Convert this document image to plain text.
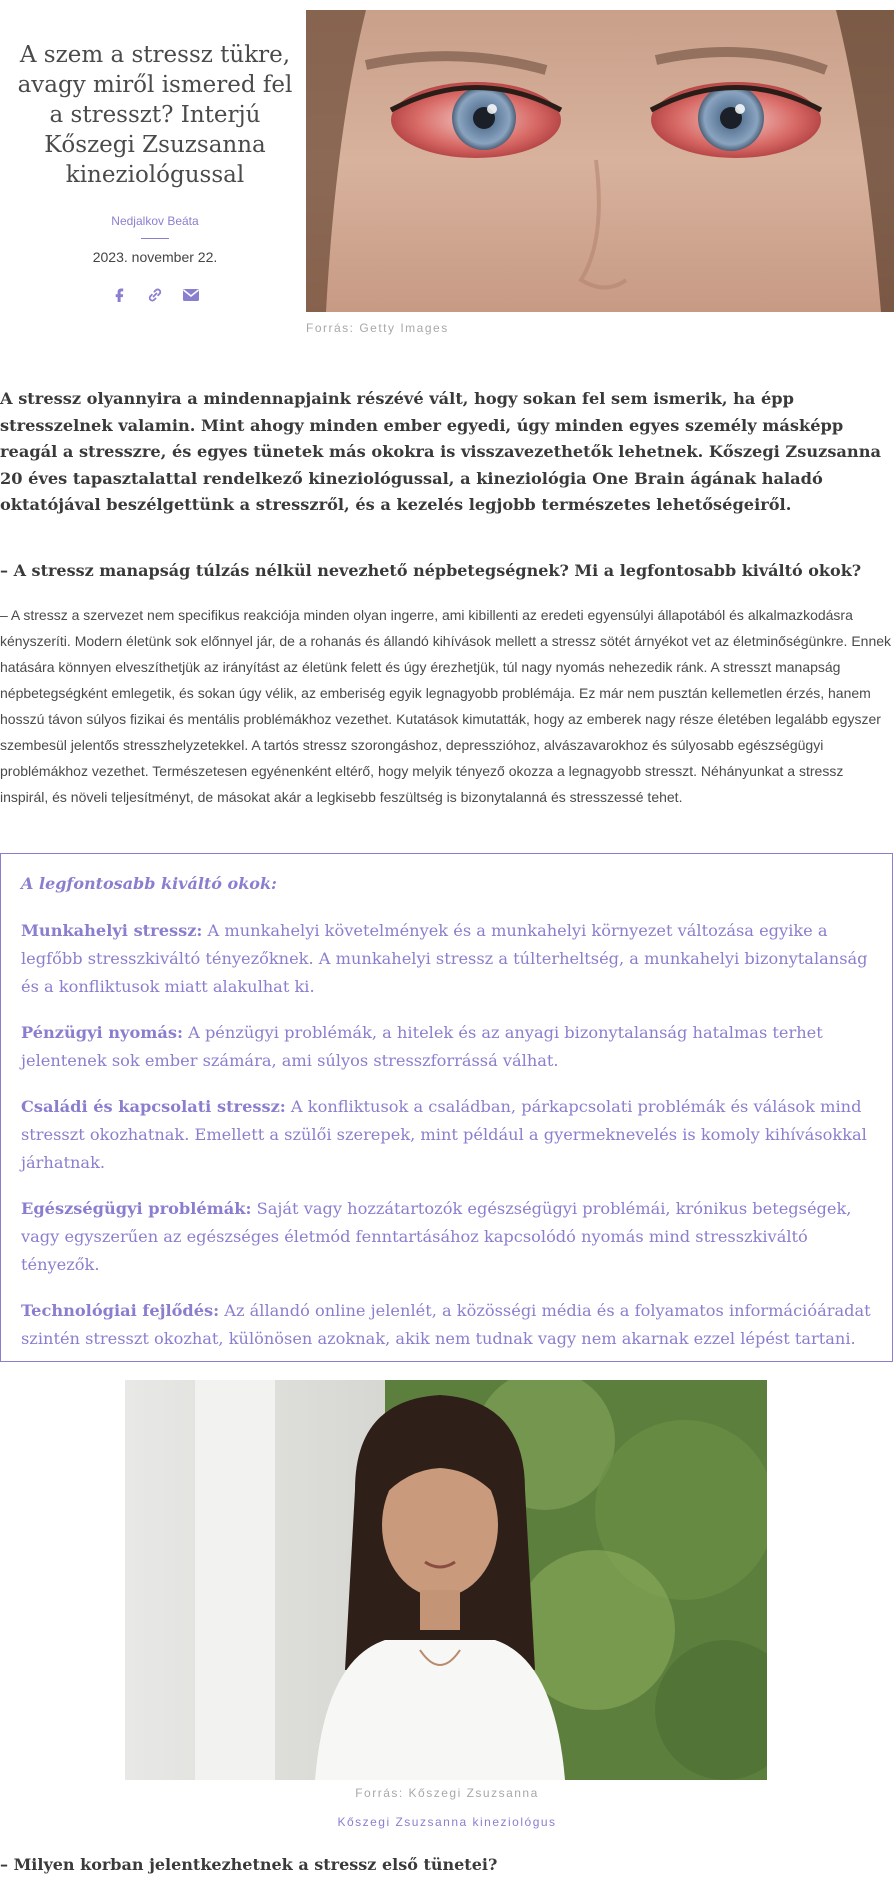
A szem a stressz tükre, avagy miről ismered fel a stresszt? Interjú Kőszegi Zsuzsanna kineziológussal
Nedjalkov Beáta
2023. november 22.
Forrás: Getty Images

A stressz olyannyira a mindennapjaink részévé vált, hogy sokan fel sem ismerik, ha épp stresszelnek valamin. Mint ahogy minden ember egyedi, úgy minden egyes személy másképp reagál a stresszre, és egyes tünetek más okokra is visszavezethetők lehetnek. Kőszegi Zsuzsanna 20 éves tapasztalattal rendelkező kineziológussal, a kineziológia One Brain ágának haladó oktatójával beszélgettünk a stresszről, és a kezelés legjobb természetes lehetőségeiről.

– A stressz manapság túlzás nélkül nevezhető népbetegségnek? Mi a legfontosabb kiváltó okok?

– A stressz a szervezet nem specifikus reakciója minden olyan ingerre, ami kibillenti az eredeti egyensúlyi állapotából és alkalmazkodásra kényszeríti. Modern életünk sok előnnyel jár, de a rohanás és állandó kihívások mellett a stressz sötét árnyékot vet az életminőségünkre. Ennek hatására könnyen elveszíthetjük az irányítást az életünk felett és úgy érezhetjük, túl nagy nyomás nehezedik ránk. A stresszt manapság népbetegségként emlegetik, és sokan úgy vélik, az emberiség egyik legnagyobb problémája. Ez már nem pusztán kellemetlen érzés, hanem hosszú távon súlyos fizikai és mentális problémákhoz vezethet. Kutatások kimutatták, hogy az emberek nagy része életében legalább egyszer szembesül jelentős stresszhelyzetekkel. A tartós stressz szorongáshoz, depresszióhoz, alvászavarokhoz és súlyosabb egészségügyi problémákhoz vezethet. Természetesen egyénenként eltérő, hogy melyik tényező okozza a legnagyobb stresszt. Néhányunkat a stressz inspirál, és növeli teljesítményt, de másokat akár a legkisebb feszültség is bizonytalanná és stresszessé tehet.

A legfontosabb kiváltó okok:

Munkahelyi stressz: A munkahelyi követelmények és a munkahelyi környezet változása egyike a legfőbb stresszkiváltó tényezőknek. A munkahelyi stressz a túlterheltség, a munkahelyi bizonytalanság és a konfliktusok miatt alakulhat ki.

Pénzügyi nyomás: A pénzügyi problémák, a hitelek és az anyagi bizonytalanság hatalmas terhet jelentenek sok ember számára, ami súlyos stresszforrássá válhat.

Családi és kapcsolati stressz: A konfliktusok a családban, párkapcsolati problémák és válások mind stresszt okozhatnak. Emellett a szülői szerepek, mint például a gyermeknevelés is komoly kihívásokkal járhatnak.

Egészségügyi problémák: Saját vagy hozzátartozók egészségügyi problémái, krónikus betegségek, vagy egyszerűen az egészséges életmód fenntartásához kapcsolódó nyomás mind stresszkiváltó tényezők.

Technológiai fejlődés: Az állandó online jelenlét, a közösségi média és a folyamatos információáradat szintén stresszt okozhat, különösen azoknak, akik nem tudnak vagy nem akarnak ezzel lépést tartani.

Forrás: Kőszegi Zsuzsanna
Kőszegi Zsuzsanna kineziológus
– Milyen korban jelentkezhetnek a stressz első tünetei?
